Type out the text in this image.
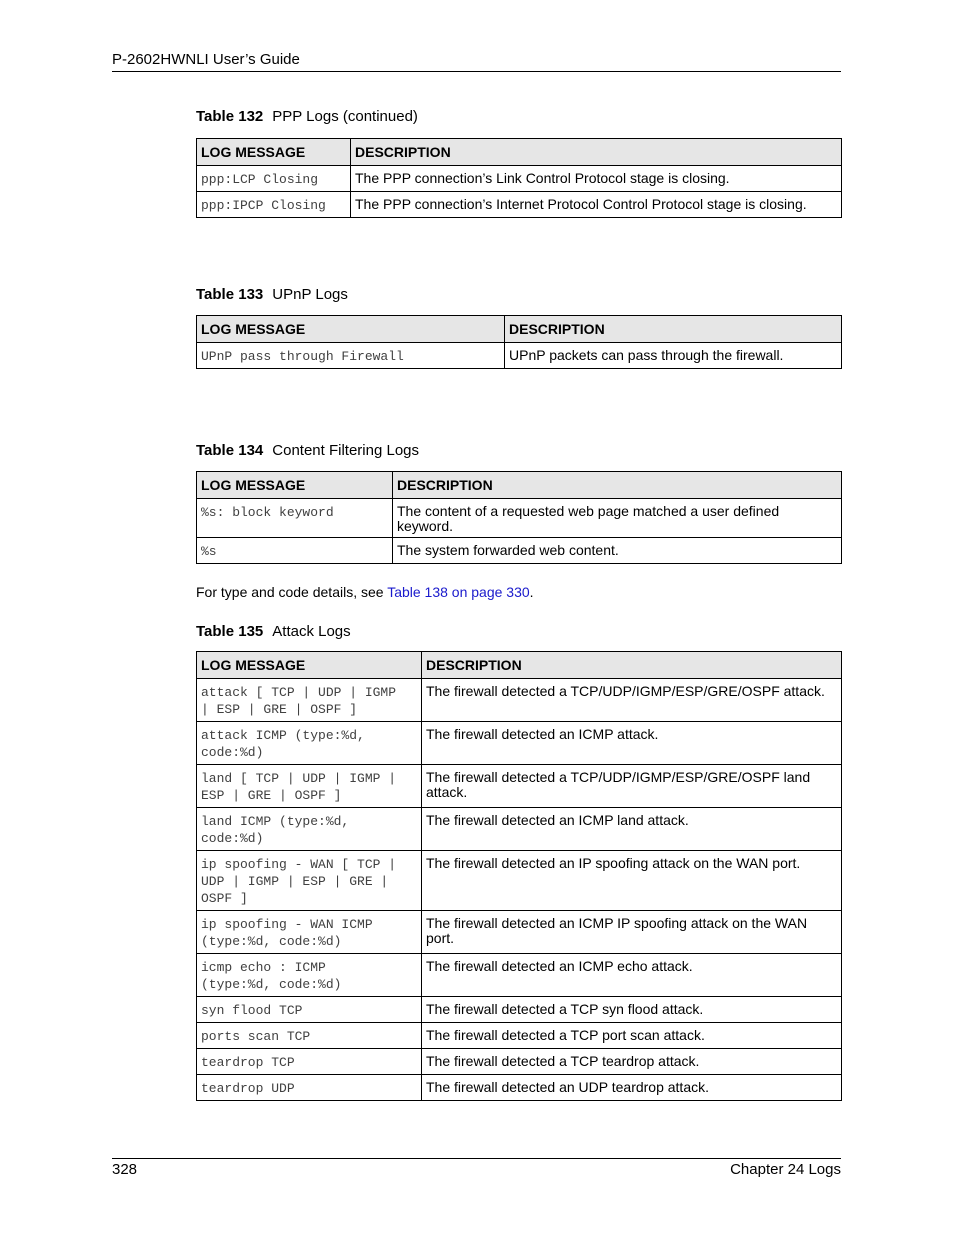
P-2602HWNLI User’s Guide
Table 132 PPP Logs (continued)
LOG MESSAGE	DESCRIPTION
ppp:LCP Closing	The PPP connection’s Link Control Protocol stage is closing.
ppp:IPCP Closing	The PPP connection’s Internet Protocol Control Protocol stage is closing.
Table 133 UPnP Logs
LOG MESSAGE	DESCRIPTION
UPnP pass through Firewall	UPnP packets can pass through the firewall.
Table 134 Content Filtering Logs
LOG MESSAGE	DESCRIPTION
%s: block keyword	The content of a requested web page matched a user defined keyword.
%s	The system forwarded web content.
For type and code details, see Table 138 on page 330.
Table 135 Attack Logs
LOG MESSAGE	DESCRIPTION
attack [ TCP | UDP | IGMP
| ESP | GRE | OSPF ]	The firewall detected a TCP/UDP/IGMP/ESP/GRE/OSPF attack.
attack ICMP (type:%d,
code:%d)	The firewall detected an ICMP attack.
land [ TCP | UDP | IGMP |
ESP | GRE | OSPF ]	The firewall detected a TCP/UDP/IGMP/ESP/GRE/OSPF land attack.
land ICMP (type:%d,
code:%d)	The firewall detected an ICMP land attack.
ip spoofing - WAN [ TCP |
UDP | IGMP | ESP | GRE |
OSPF ]	The firewall detected an IP spoofing attack on the WAN port.
ip spoofing - WAN ICMP
(type:%d, code:%d)	The firewall detected an ICMP IP spoofing attack on the WAN port.
icmp echo : ICMP
(type:%d, code:%d)	The firewall detected an ICMP echo attack.
syn flood TCP	The firewall detected a TCP syn flood attack.
ports scan TCP	The firewall detected a TCP port scan attack.
teardrop TCP	The firewall detected a TCP teardrop attack.
teardrop UDP	The firewall detected an UDP teardrop attack.
328	Chapter 24 Logs
